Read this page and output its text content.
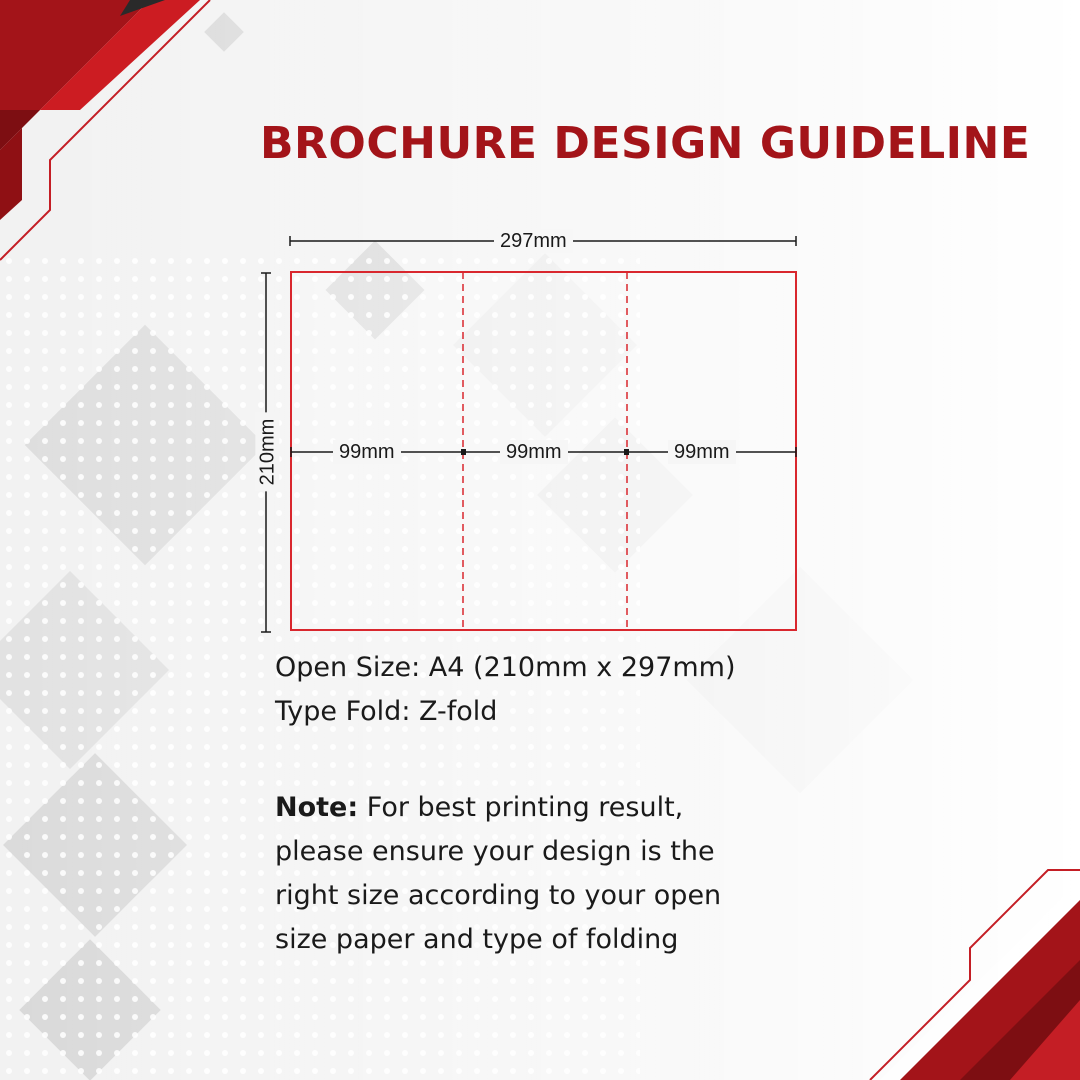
BROCHURE DESIGN GUIDELINE
297mm
210mm	99mm	99mm	99mm
Open Size: A4 (210mm x 297mm)
Type Fold: Z-fold
Note: For best printing result,
please ensure your design is the
right size according to your open
size paper and type of folding
